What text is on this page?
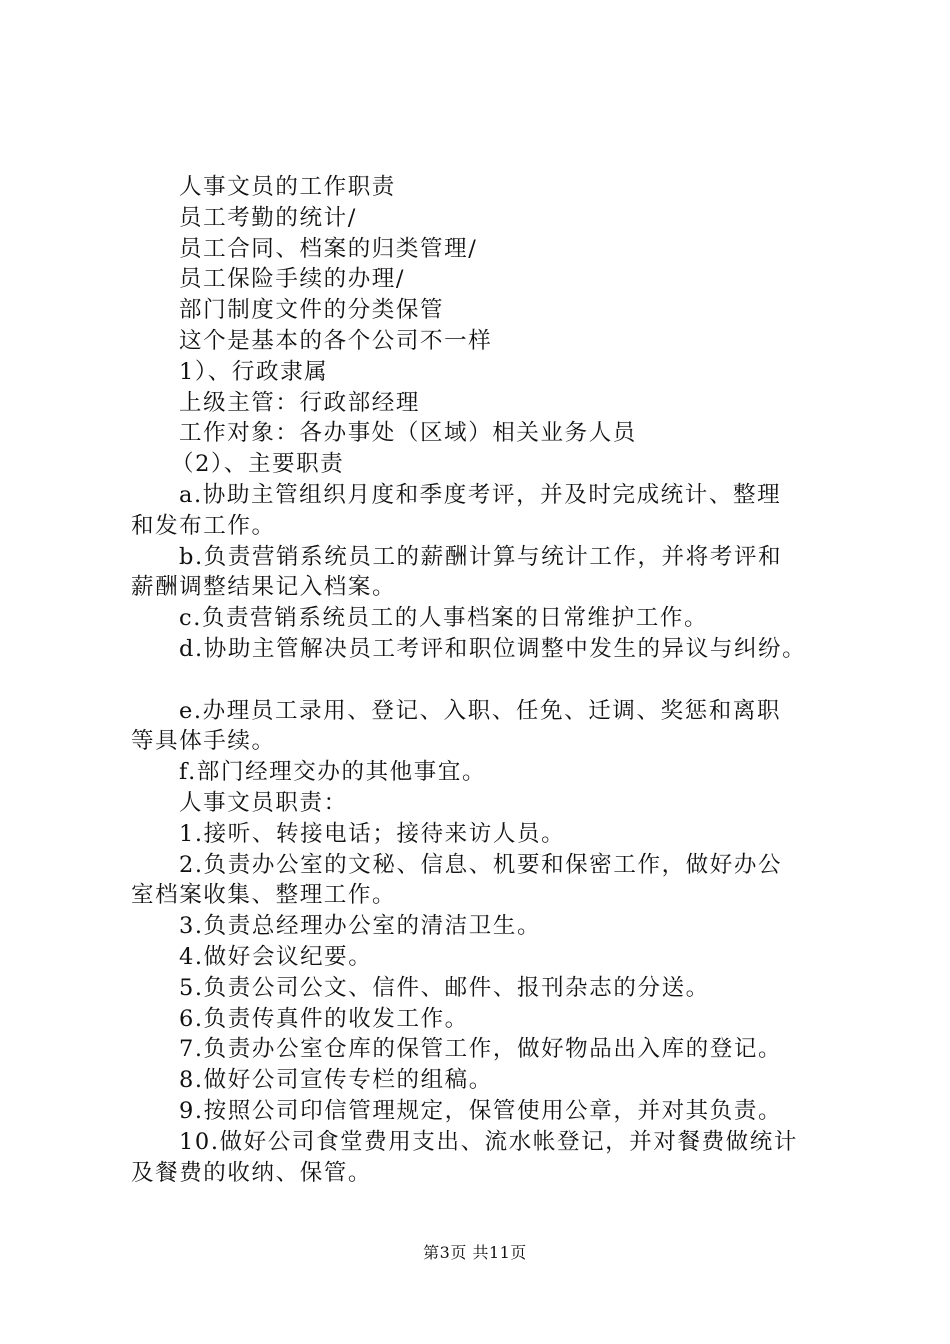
人事文员的工作职责

员工考勤的统计/

员工合同、档案的归类管理/

员工保险手续的办理/

部门制度文件的分类保管

这个是基本的各个公司不一样

1）、行政隶属

上级主管：行政部经理

工作对象：各办事处（区域）相关业务人员

（2）、主要职责

a.协助主管组织月度和季度考评，并及时完成统计、整理

和发布工作。

b.负责营销系统员工的薪酬计算与统计工作，并将考评和

薪酬调整结果记入档案。

c.负责营销系统员工的人事档案的日常维护工作。

d.协助主管解决员工考评和职位调整中发生的异议与纠纷。

e.办理员工录用、登记、入职、任免、迁调、奖惩和离职

等具体手续。

f.部门经理交办的其他事宜。

人事文员职责：

1.接听、转接电话；接待来访人员。

2.负责办公室的文秘、信息、机要和保密工作，做好办公

室档案收集、整理工作。

3.负责总经理办公室的清洁卫生。

4.做好会议纪要。

5.负责公司公文、信件、邮件、报刊杂志的分送。

6.负责传真件的收发工作。

7.负责办公室仓库的保管工作，做好物品出入库的登记。

8.做好公司宣传专栏的组稿。

9.按照公司印信管理规定，保管使用公章，并对其负责。

10.做好公司食堂费用支出、流水帐登记，并对餐费做统计

及餐费的收纳、保管。

第3页 共11页
